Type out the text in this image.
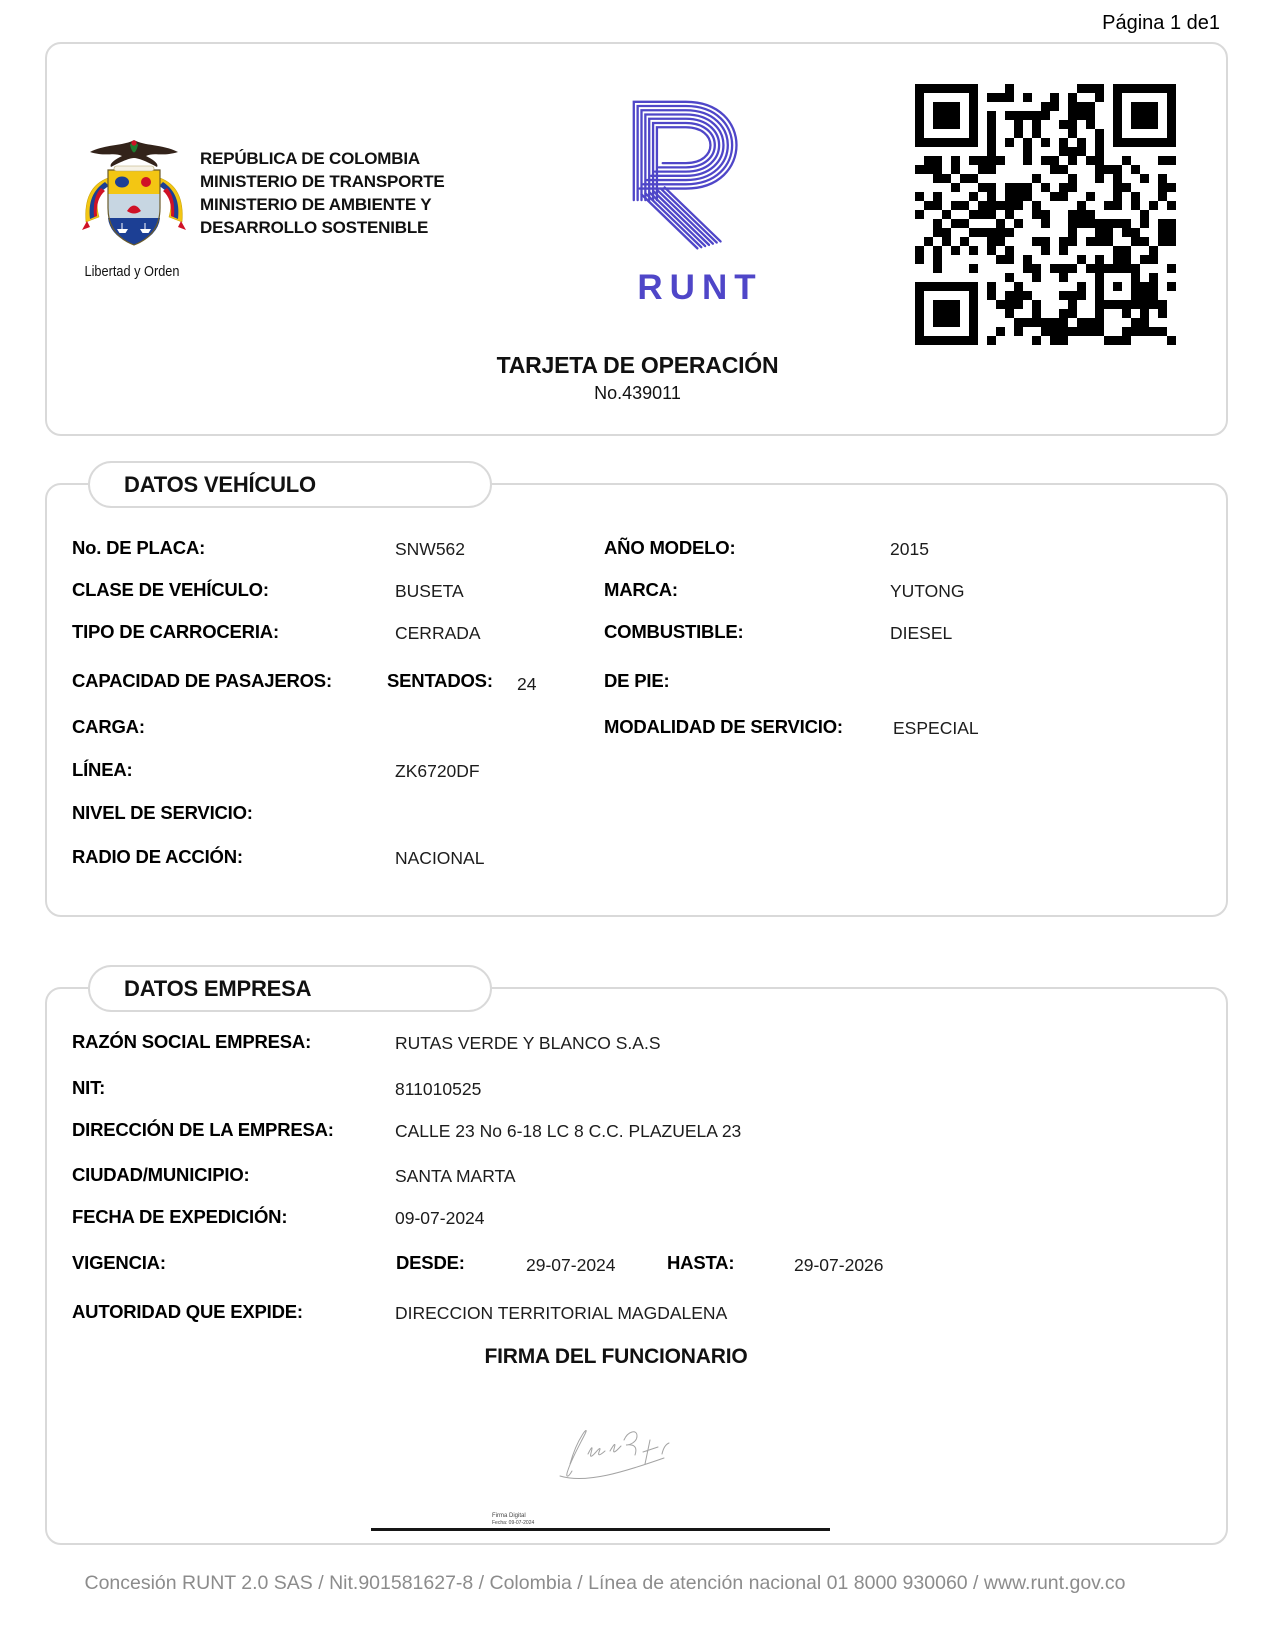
Página 1 de1
Libertad y Orden
REPÚBLICA DE COLOMBIA
MINISTERIO DE TRANSPORTE
MINISTERIO DE AMBIENTE Y
DESARROLLO SOSTENIBLE
RUNT
TARJETA DE OPERACIÓN
No.439011
DATOS VEHÍCULO
No. DE PLACA:	SNW562	AÑO MODELO:	2015
CLASE DE VEHÍCULO:	BUSETA	MARCA:	YUTONG
TIPO DE CARROCERIA:	CERRADA	COMBUSTIBLE:	DIESEL
CAPACIDAD DE PASAJEROS:	SENTADOS: 24	DE PIE:
CARGA:	MODALIDAD DE SERVICIO:	ESPECIAL
LÍNEA:	ZK6720DF
NIVEL DE SERVICIO:
RADIO DE ACCIÓN:	NACIONAL
DATOS EMPRESA
RAZÓN SOCIAL EMPRESA:	RUTAS VERDE Y BLANCO S.A.S
NIT:	811010525
DIRECCIÓN DE LA EMPRESA:	CALLE 23 No 6-18 LC 8 C.C. PLAZUELA 23
CIUDAD/MUNICIPIO:	SANTA MARTA
FECHA DE EXPEDICIÓN:	09-07-2024
VIGENCIA:	DESDE:	29-07-2024	HASTA:	29-07-2026
AUTORIDAD QUE EXPIDE:	DIRECCION TERRITORIAL MAGDALENA
FIRMA DEL FUNCIONARIO
Firma Digital
Fecha: 09-07-2024
Concesión RUNT 2.0 SAS / Nit.901581627-8 / Colombia / Línea de atención nacional 01 8000 930060 / www.runt.gov.co
